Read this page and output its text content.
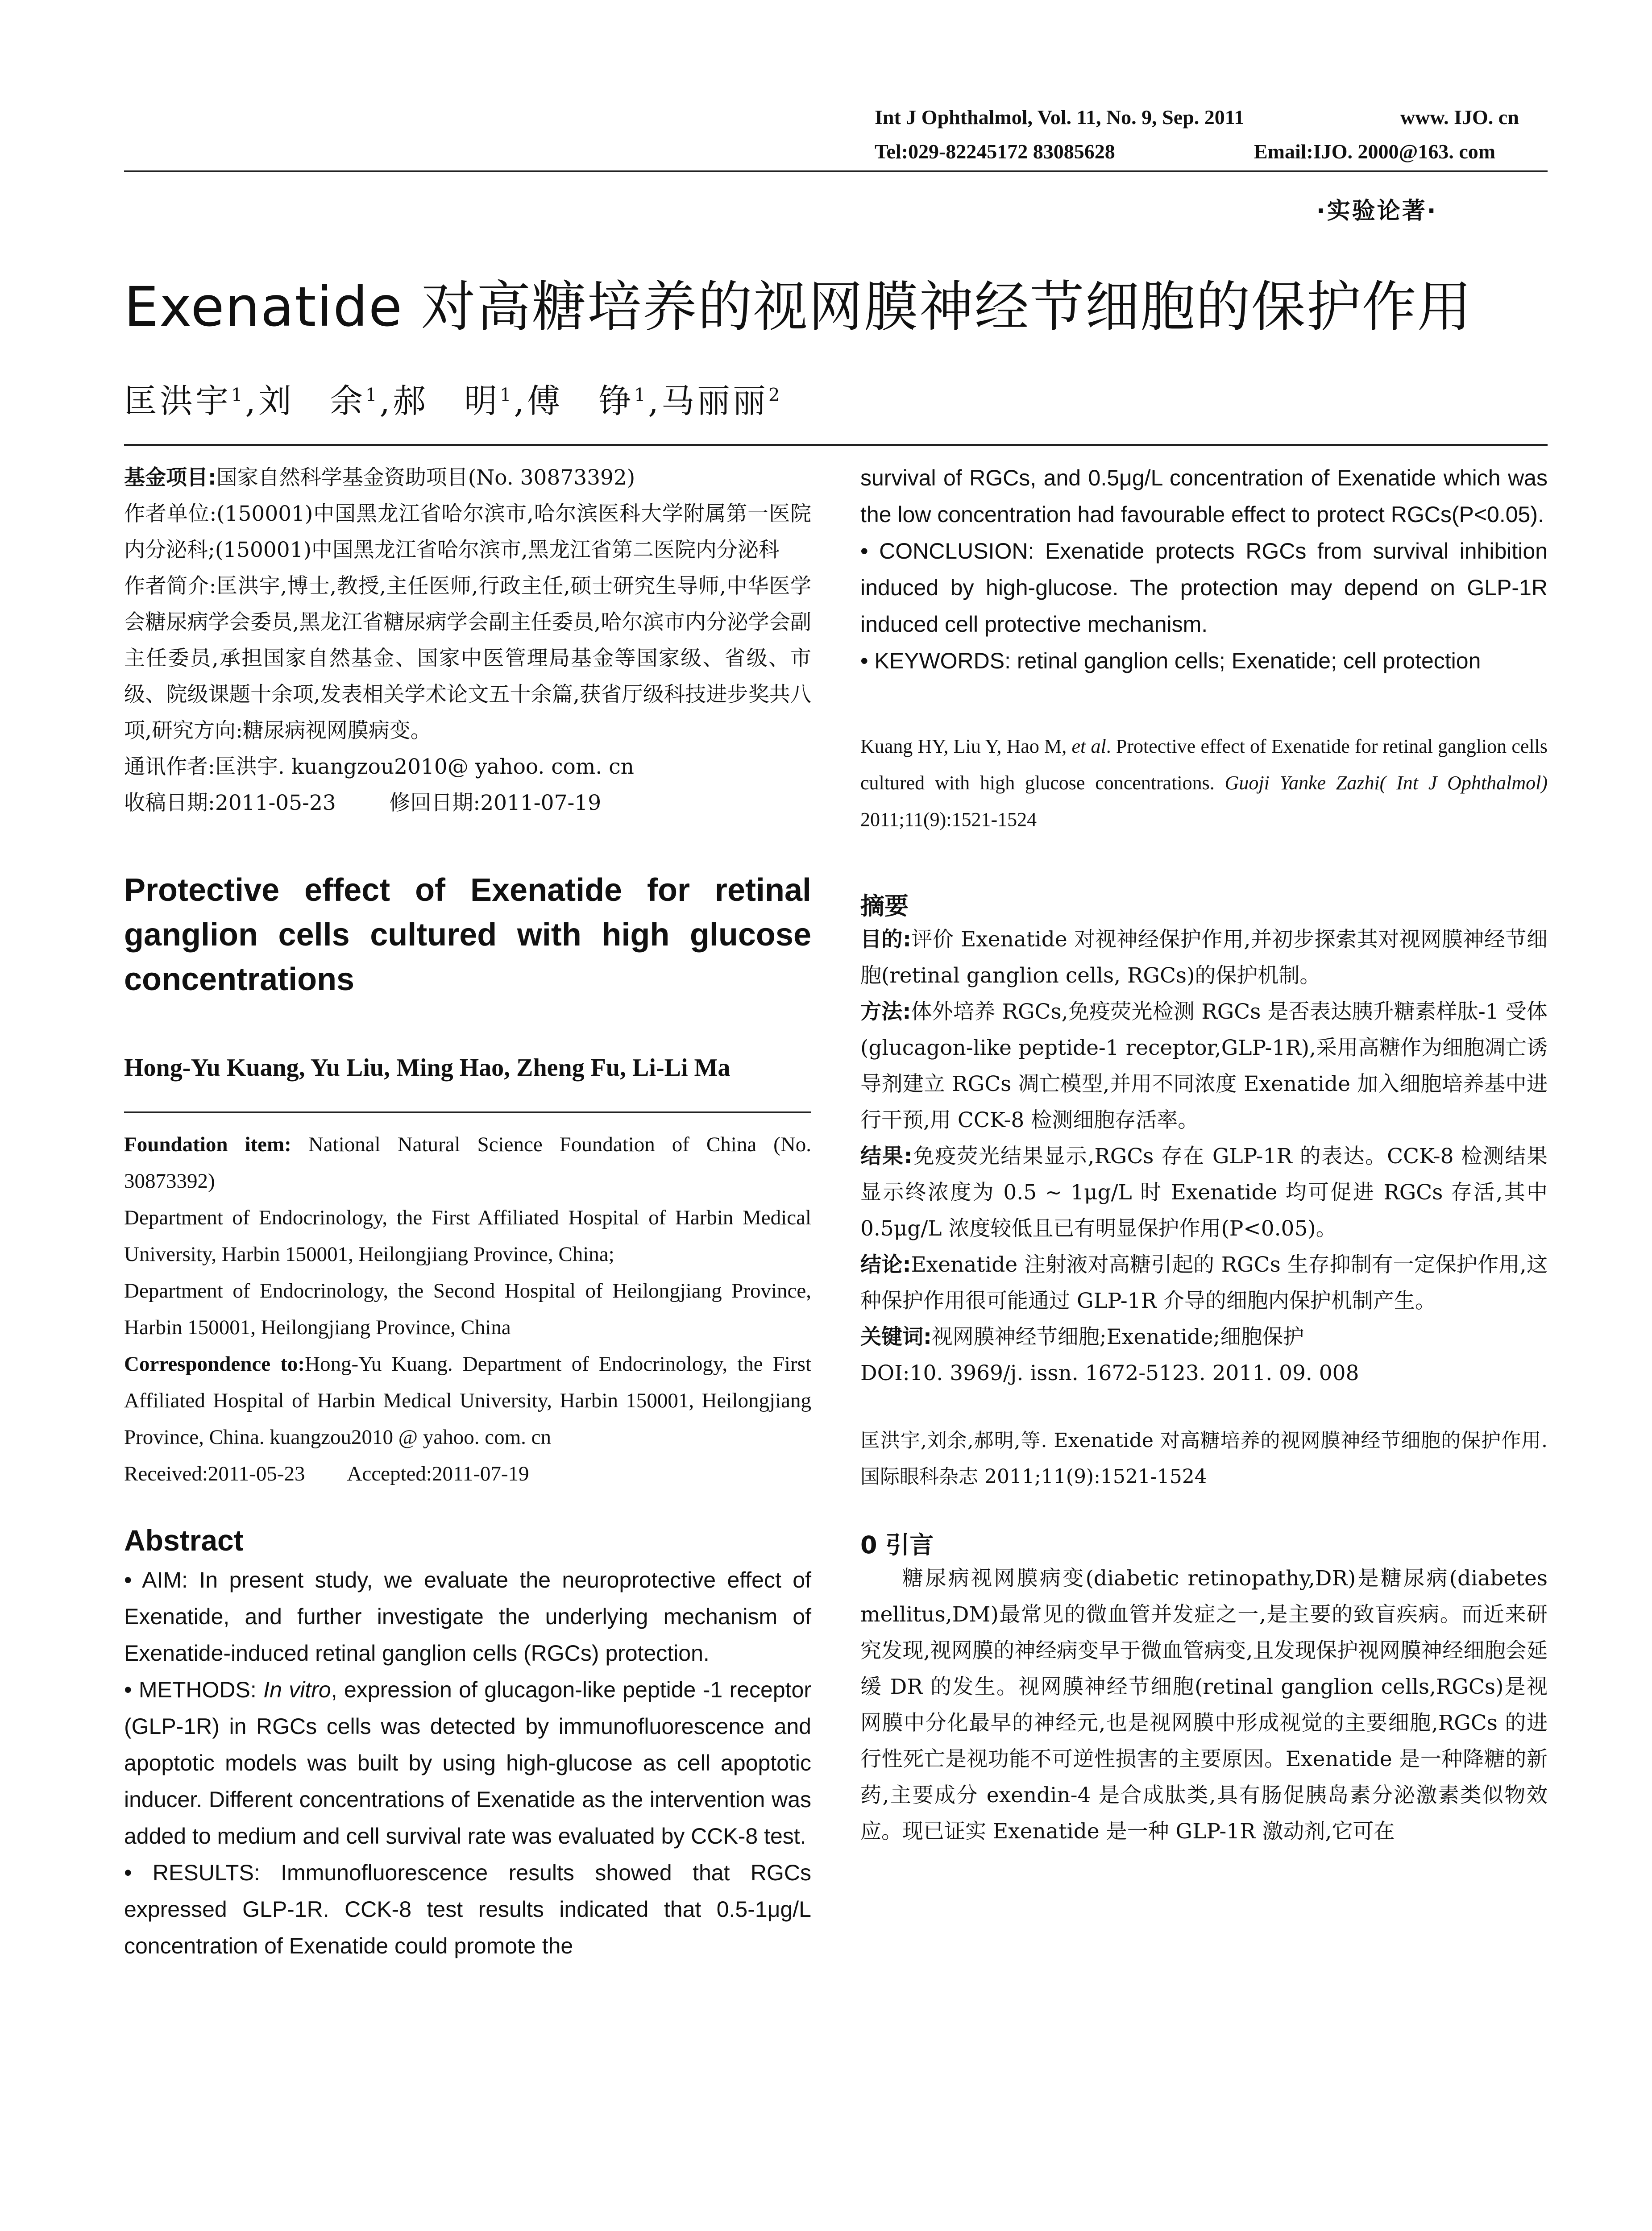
Int J Ophthalmol, Vol. 11, No. 9, Sep. 2011	www. IJO. cn
Tel:029-82245172 83085628	Email:IJO. 2000@163. com
·实验论著·
Exenatide 对高糖培养的视网膜神经节细胞的保护作用
匡洪宇$^1$,刘　余$^1$,郝　明$^1$,傅　铮$^1$,马丽丽$^2$

基金项目:国家自然科学基金资助项目(No. 30873392)

作者单位:(150001)中国黑龙江省哈尔滨市,哈尔滨医科大学附属第一医院内分泌科;(150001)中国黑龙江省哈尔滨市,黑龙江省第二医院内分泌科

作者简介:匡洪宇,博士,教授,主任医师,行政主任,硕士研究生导师,中华医学会糖尿病学会委员,黑龙江省糖尿病学会副主任委员,哈尔滨市内分泌学会副主任委员,承担国家自然基金、国家中医管理局基金等国家级、省级、市级、院级课题十余项,发表相关学术论文五十余篇,获省厅级科技进步奖共八项,研究方向:糖尿病视网膜病变。

通讯作者:匡洪宇. kuangzou2010@ yahoo. com. cn

收稿日期:2011-05-23	修回日期:2011-07-19

Protective effect of Exenatide for retinal ganglion cells cultured with high glucose concentrations

Hong-Yu Kuang, Yu Liu, Ming Hao, Zheng Fu, Li-Li Ma

Foundation item: National Natural Science Foundation of China (No. 30873392)

Department of Endocrinology, the First Affiliated Hospital of Harbin Medical University, Harbin 150001, Heilongjiang Province, China;

Department of Endocrinology, the Second Hospital of Heilongjiang Province, Harbin 150001, Heilongjiang Province, China

Correspondence to:Hong-Yu Kuang. Department of Endocrinology, the First Affiliated Hospital of Harbin Medical University, Harbin 150001, Heilongjiang Province, China. kuangzou2010 @ yahoo. com. cn

Received:2011-05-23 Accepted:2011-07-19

Abstract

• AIM: In present study, we evaluate the neuroprotective effect of Exenatide, and further investigate the underlying mechanism of Exenatide-induced retinal ganglion cells (RGCs) protection.

• METHODS: In vitro, expression of glucagon-like peptide -1 receptor (GLP-1R) in RGCs cells was detected by immunofluorescence and apoptotic models was built by using high-glucose as cell apoptotic inducer. Different concentrations of Exenatide as the intervention was added to medium and cell survival rate was evaluated by CCK-8 test.

• RESULTS: Immunofluorescence results showed that RGCs expressed GLP-1R. CCK-8 test results indicated that 0.5-1μg/L concentration of Exenatide could promote the

survival of RGCs, and 0.5μg/L concentration of Exenatide which was the low concentration had favourable effect to protect RGCs(P<0.05).

• CONCLUSION: Exenatide protects RGCs from survival inhibition induced by high-glucose. The protection may depend on GLP-1R induced cell protective mechanism.

• KEYWORDS: retinal ganglion cells; Exenatide; cell protection

Kuang HY, Liu Y, Hao M, et al. Protective effect of Exenatide for retinal ganglion cells cultured with high glucose concentrations. Guoji Yanke Zazhi( Int J Ophthalmol) 2011;11(9):1521-1524

摘要

目的:评价 Exenatide 对视神经保护作用,并初步探索其对视网膜神经节细胞(retinal ganglion cells, RGCs)的保护机制。

方法:体外培养 RGCs,免疫荧光检测 RGCs 是否表达胰升糖素样肽-1 受体(glucagon-like peptide-1 receptor,GLP-1R),采用高糖作为细胞凋亡诱导剂建立 RGCs 凋亡模型,并用不同浓度 Exenatide 加入细胞培养基中进行干预,用 CCK-8 检测细胞存活率。

结果:免疫荧光结果显示,RGCs 存在 GLP-1R 的表达。CCK-8 检测结果显示终浓度为 0.5 ~ 1μg/L 时 Exenatide 均可促进 RGCs 存活,其中 0.5μg/L 浓度较低且已有明显保护作用(P<0.05)。

结论:Exenatide 注射液对高糖引起的 RGCs 生存抑制有一定保护作用,这种保护作用很可能通过 GLP-1R 介导的细胞内保护机制产生。

关键词:视网膜神经节细胞;Exenatide;细胞保护

DOI:10. 3969/j. issn. 1672-5123. 2011. 09. 008

匡洪宇,刘余,郝明,等. Exenatide 对高糖培养的视网膜神经节细胞的保护作用. 国际眼科杂志 2011;11(9):1521-1524

0 引言

糖尿病视网膜病变(diabetic retinopathy,DR)是糖尿病(diabetes mellitus,DM)最常见的微血管并发症之一,是主要的致盲疾病。而近来研究发现,视网膜的神经病变早于微血管病变,且发现保护视网膜神经细胞会延缓 DR 的发生。视网膜神经节细胞(retinal ganglion cells,RGCs)是视网膜中分化最早的神经元,也是视网膜中形成视觉的主要细胞,RGCs 的进行性死亡是视功能不可逆性损害的主要原因。Exenatide 是一种降糖的新药,主要成分 exendin-4 是合成肽类,具有肠促胰岛素分泌激素类似物效应。现已证实 Exenatide 是一种 GLP-1R 激动剂,它可在
